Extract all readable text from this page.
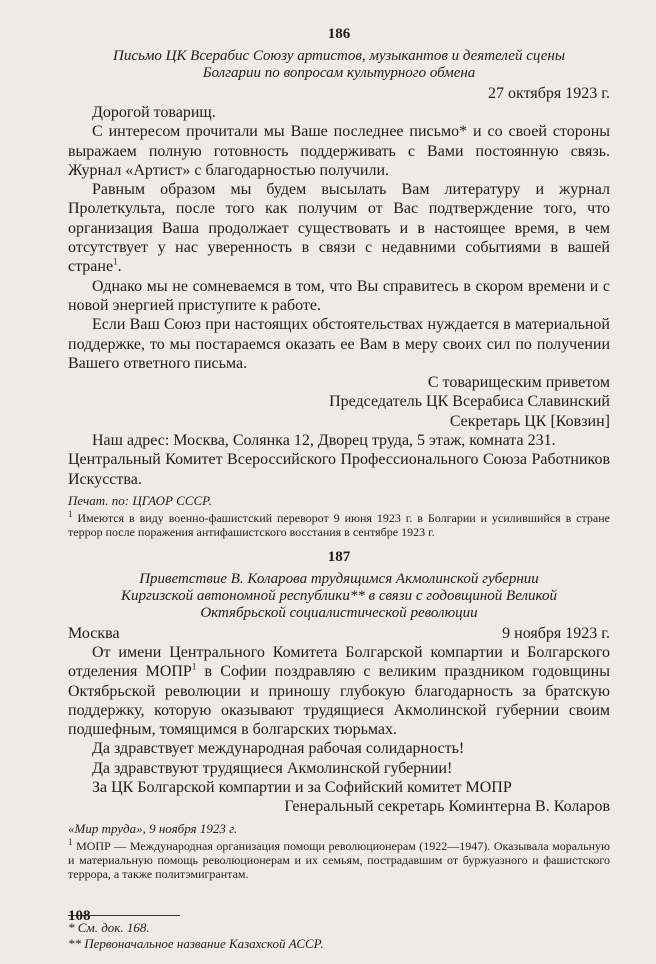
186

Письмо ЦК Всерабис Союзу артистов, музыкантов и деятелей сцены

Болгарии по вопросам культурного обмена

27 октября 1923 г.

Дорогой товарищ.

С интересом прочитали мы Ваше последнее письмо* и со своей стороны выражаем полную готовность поддерживать с Вами постоянную связь. Журнал «Артист» с благодарностью получили.

Равным образом мы будем высылать Вам литературу и журнал Пролеткульта, после того как получим от Вас подтверждение того, что организация Ваша продолжает существовать и в настоящее время, в чем отсутствует у нас уверенность в связи с недавними событиями в вашей стране$^1$.

Однако мы не сомневаемся в том, что Вы справитесь в скором времени и с новой энергией приступите к работе.

Если Ваш Союз при настоящих обстоятельствах нуждается в материальной поддержке, то мы постараемся оказать ее Вам в меру своих сил по получении Вашего ответного письма.

С товарищеским приветом
Председатель ЦК Всерабиса Славинский
Секретарь ЦК [Ковзин]

Наш адрес: Москва, Солянка 12, Дворец труда, 5 этаж, комната 231.

Центральный Комитет Всероссийского Профессионального Союза Работников Искусства.

Печат. по: ЦГАОР СССР.

$^1$ Имеются в виду военно-фашистский переворот 9 июня 1923 г. в Болгарии и усилившийся в стране террор после поражения антифашистского восстания в сентябре 1923 г.

187

Приветствие В. Коларова трудящимся Акмолинской губернии

Киргизской автономной республики** в связи с годовщиной Великой

Октябрьской социалистической революции

Москва	9 ноября 1923 г.

От имени Центрального Комитета Болгарской компартии и Болгарского отделения МОПР$^1$ в Софии поздравляю с великим праздником годовщины Октябрьской революции и приношу глубокую благодарность за братскую поддержку, которую оказывают трудящиеся Акмолинской губернии своим подшефным, томящимся в болгарских тюрьмах.

Да здравствует международная рабочая солидарность!

Да здравствуют трудящиеся Акмолинской губернии!

За ЦК Болгарской компартии и за Софийский комитет МОПР
Генеральный секретарь Коминтерна В. Коларов
«Мир труда», 9 ноября 1923 г.

$^1$ МОПР — Международная организация помощи революционерам (1922—1947). Оказывала моральную и материальную помощь революционерам и их семьям, пострадавшим от буржуазного и фашистского террора, а также политэмигрантам.

* См. док. 168.
** Первоначальное название Казахской АССР.
108
